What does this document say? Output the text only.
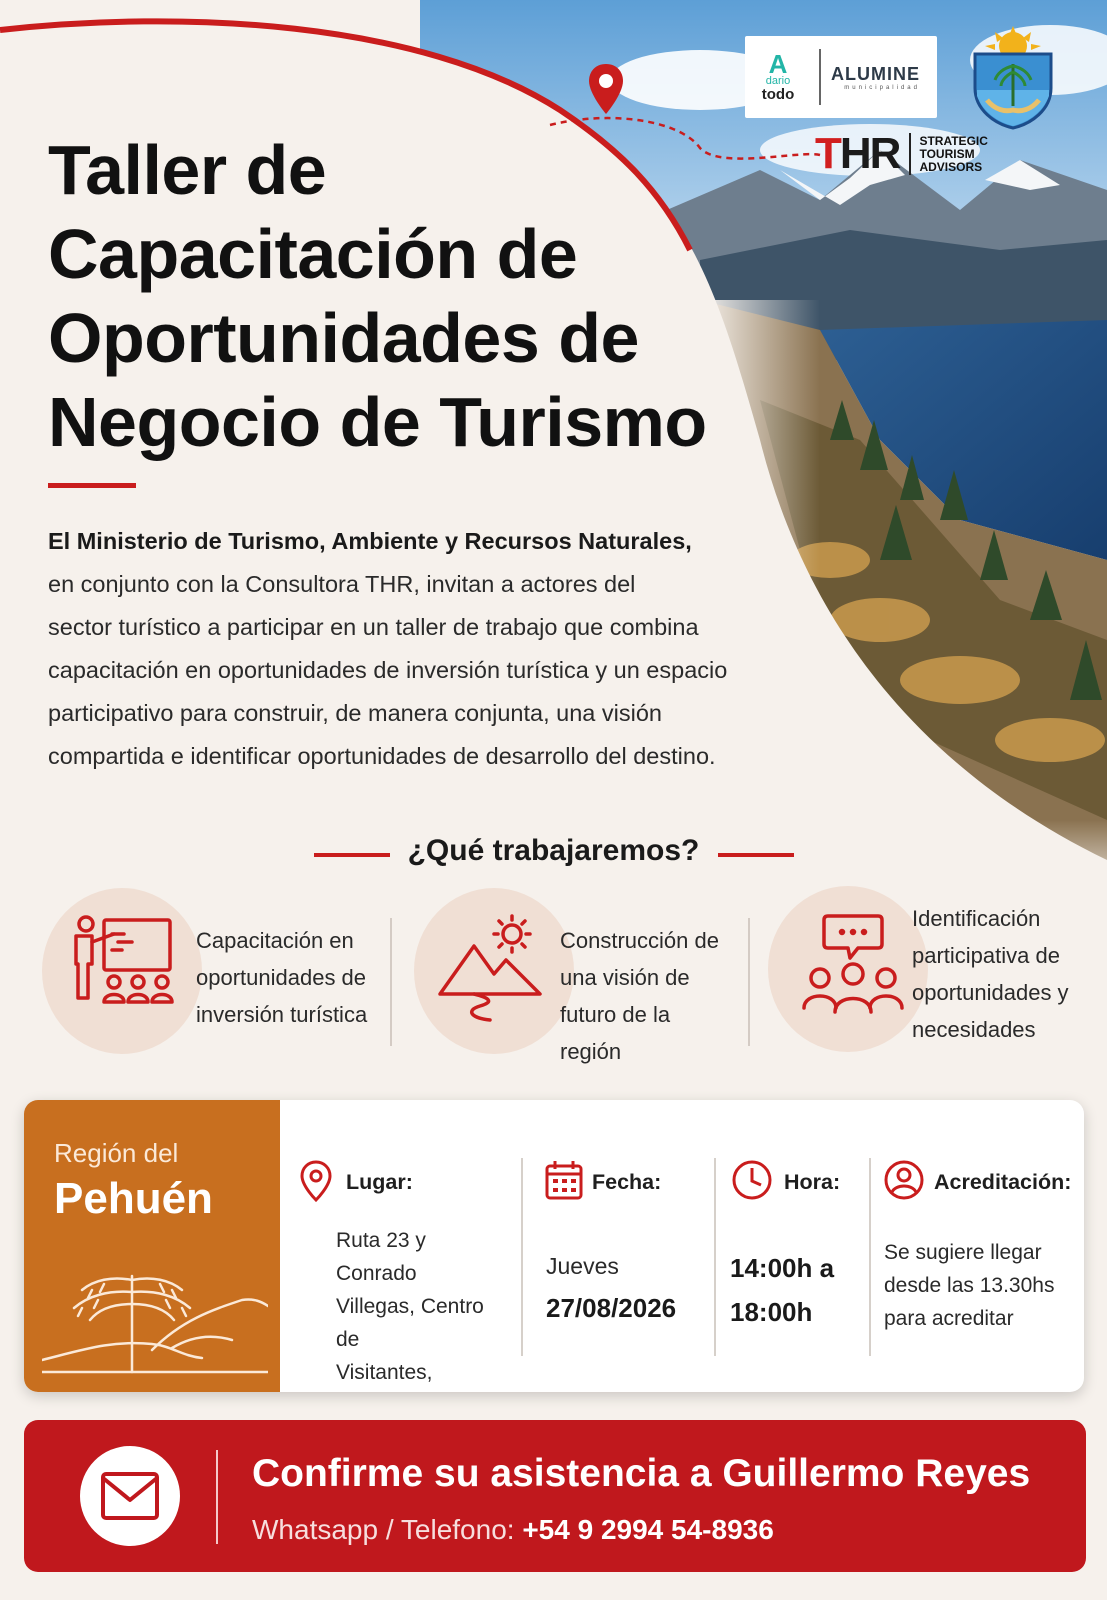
A
dario
todo
ALUMINE
municipalidad
THR STRATEGIC
TOURISM
ADVISORS
Taller de
Capacitación de
Oportunidades de
Negocio de Turismo

El Ministerio de Turismo, Ambiente y Recursos Naturales,
en conjunto con la Consultora THR, invitan a actores del
sector turístico a participar en un taller de trabajo que combina
capacitación en oportunidades de inversión turística y un espacio
participativo para construir, de manera conjunta, una visión
compartida e identificar oportunidades de desarrollo del destino.

¿Qué trabajaremos?
Capacitación en
oportunidades de
inversión turística
Construcción de
una visión de
futuro de la región
Identificación
participativa de
oportunidades y
necesidades
Región del
Pehuén	Lugar:
Ruta 23 y Conrado
Villegas, Centro de
Visitantes,
Fecha:
Jueves
27/08/2026
Hora:
14:00h a
18:00h
Acreditación:
Se sugiere llegar
desde las 13.30hs
para acreditar
Confirme su asistencia a Guillermo Reyes
Whatsapp / Telefono: +54 9 2994 54-8936
